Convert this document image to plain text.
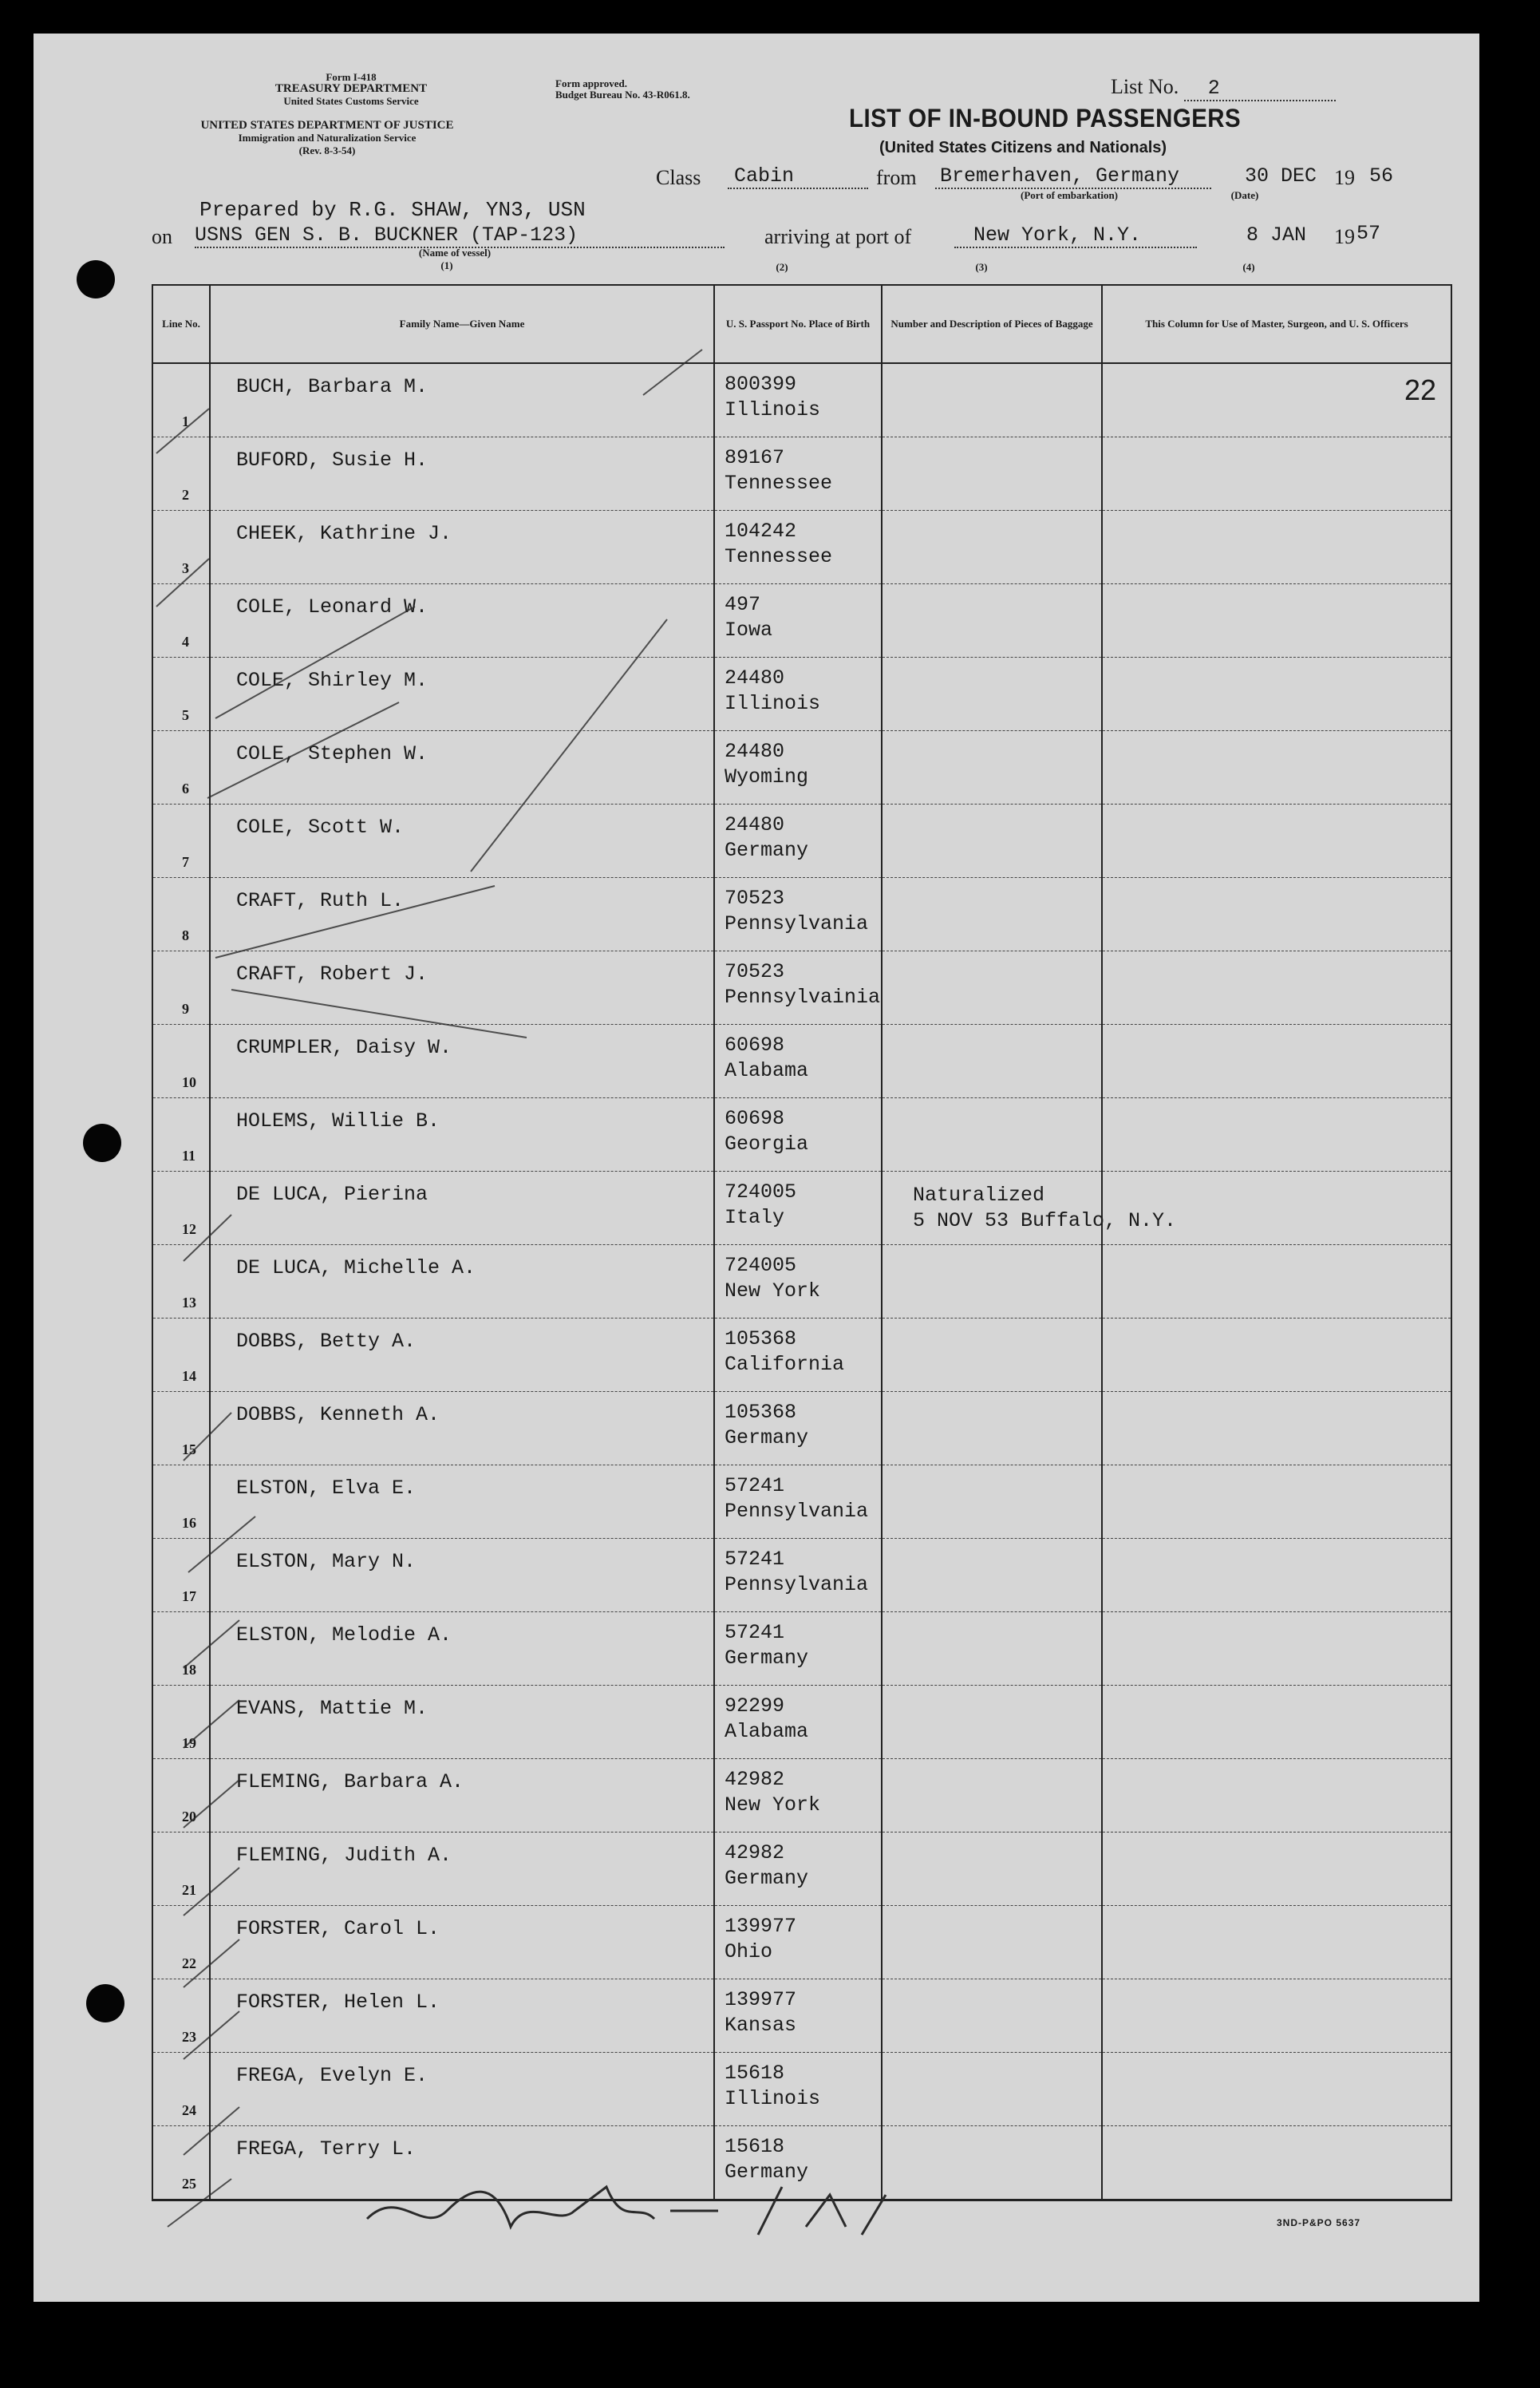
Form I-418
TREASURY DEPARTMENT
United States Customs Service
UNITED STATES DEPARTMENT OF JUSTICE
Immigration and Naturalization Service
(Rev. 8-3-54)
Form approved.
Budget Bureau No. 43-R061.8.	List No. 2
LIST OF IN-BOUND PASSENGERS
(United States Citizens and Nationals)
Class	Cabin	from Bremerhaven, Germany
(Port of embarkation)
30 DEC 19 56
(Date)
Prepared by R.G. SHAW, YN3, USN
on USNS GEN S. B. BUCKNER (TAP-123)
(Name of vessel)
(1)
arriving at port of	New York, N.Y.	8 JAN 19 57
(2)	(3)	(4)
Line No.	Family Name—Given Name	U. S. Passport No. Place of Birth	Number and Description of Pieces of Baggage	This Column for Use of Master, Surgeon, and U. S. Officers

1	BUCH, Barbara M.	800399
Illinois		22

2	BUFORD, Susie H.	89167
Tennessee		

3	CHEEK, Kathrine J.	104242
Tennessee		

4	COLE, Leonard W.	497
Iowa		

5	COLE, Shirley M.	24480
Illinois		

6	COLE, Stephen W.	24480
Wyoming		

7	COLE, Scott W.	24480
Germany		

8	CRAFT, Ruth L.	70523
Pennsylvania		

9	CRAFT, Robert J.	70523
Pennsylvainia		

10	CRUMPLER, Daisy W.	60698
Alabama		

11	HOLEMS, Willie B.	60698
Georgia		

12	DE LUCA, Pierina	724005
Italy	Naturalized
5 NOV 53 Buffalo, N.Y.	

13	DE LUCA, Michelle A.	724005
New York		

14	DOBBS, Betty A.	105368
California		

15	DOBBS, Kenneth A.	105368
Germany		

16	ELSTON, Elva E.	57241
Pennsylvania		

17	ELSTON, Mary N.	57241
Pennsylvania		

18	ELSTON, Melodie A.	57241
Germany		

19	EVANS, Mattie M.	92299
Alabama		

20	FLEMING, Barbara A.	42982
New York		

21	FLEMING, Judith A.	42982
Germany		

22	FORSTER, Carol L.	139977
Ohio		

23	FORSTER, Helen L.	139977
Kansas		

24	FREGA, Evelyn E.	15618
Illinois		

25	FREGA, Terry L.	15618
Germany		

3ND-P&PO 5637
